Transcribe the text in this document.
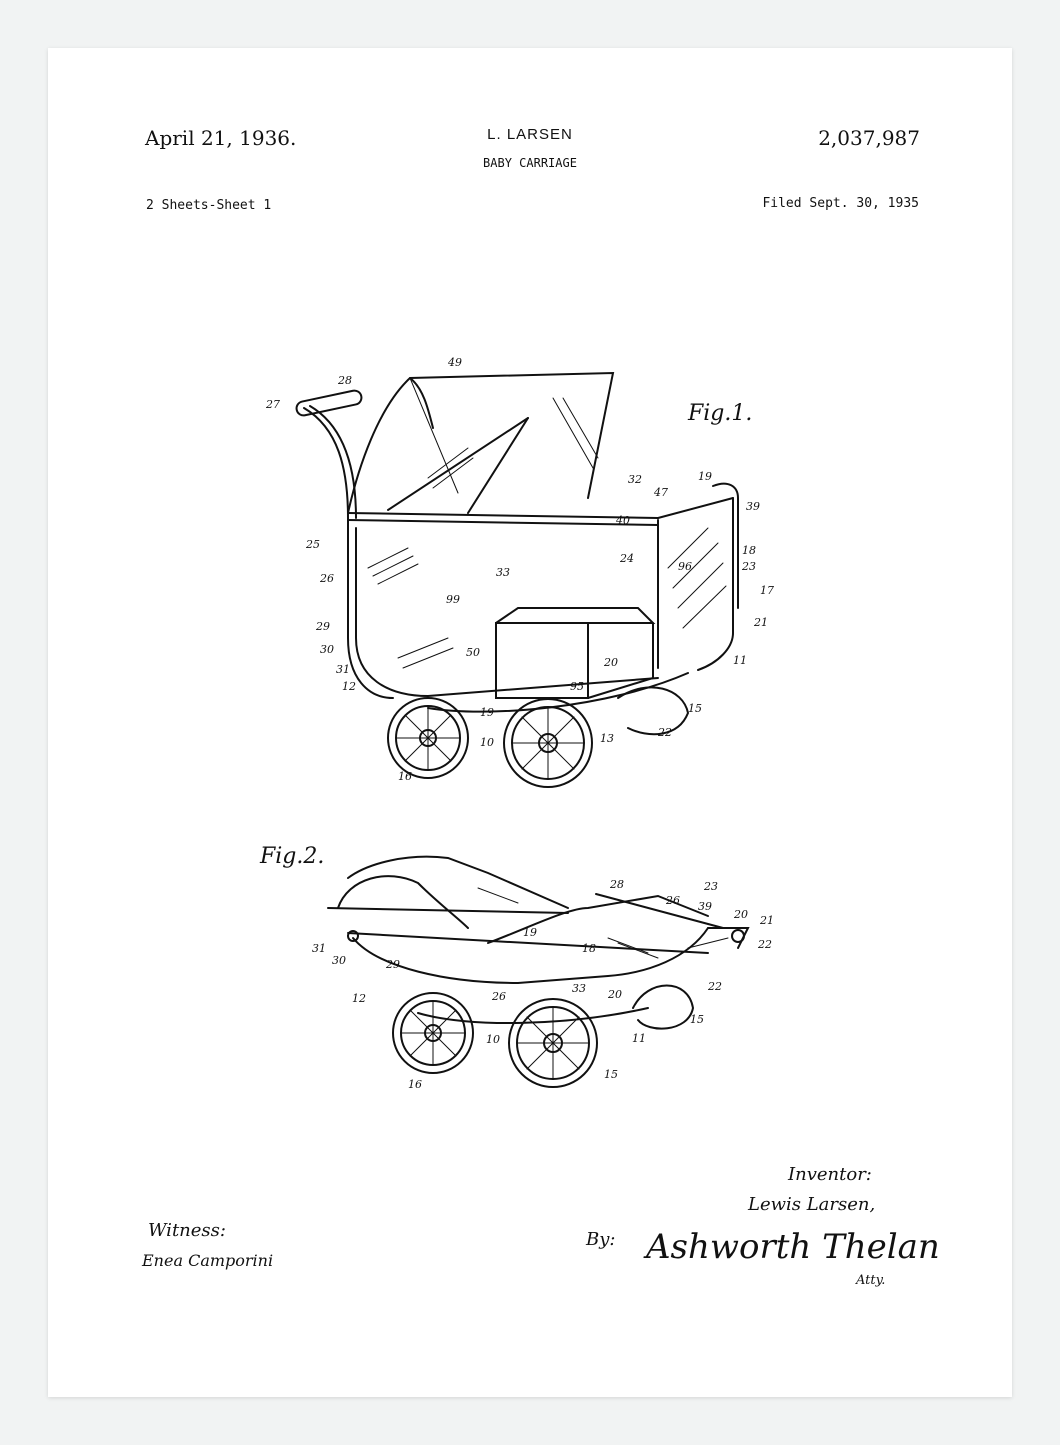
April 21, 1936.	L. LARSEN
BABY CARRIAGE
2,037,987
2 Sheets-Sheet 1	Filed Sept. 30, 1935
Fig.1.
49
28
27
19
39
32
47
40
25
26
24
18
23
96
17
33
99
29
50
21
30
20	11
31
12	95
10
19	15
13	22
16
Fig.2.
28
26
23
39
20 21
22
31
19
18
30	29
12	26
33 20
22
15
10	11
16
15
Inventor:
Lewis Larsen,
By: Ashworth Thelan
Atty.
Witness:
Enea Camporini
